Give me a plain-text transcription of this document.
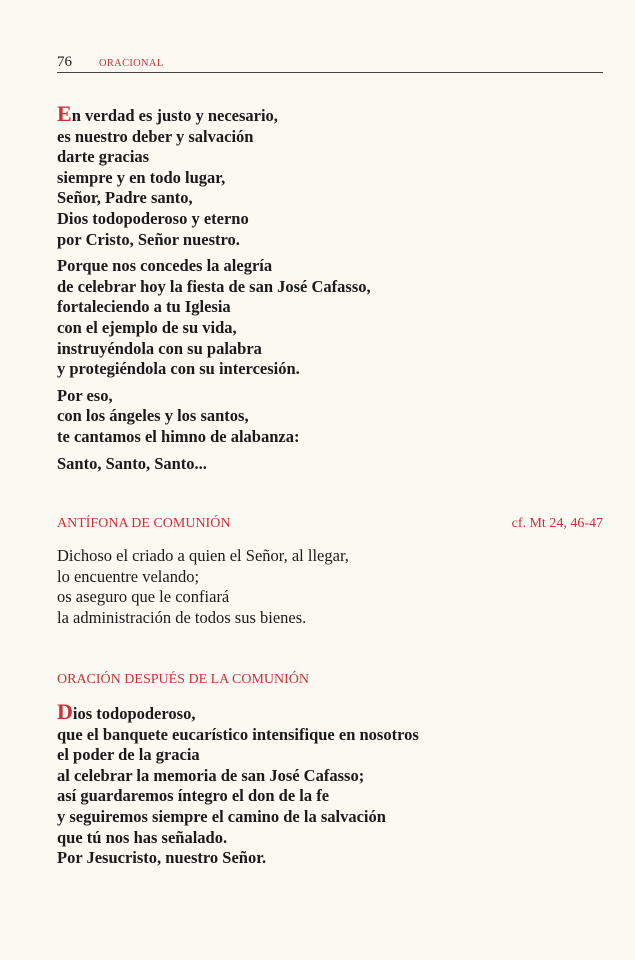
76	ORACIONAL

En verdad es justo y necesario,
es nuestro deber y salvación
darte gracias
siempre y en todo lugar,
Señor, Padre santo,
Dios todopoderoso y eterno
por Cristo, Señor nuestro.

Porque nos concedes la alegría
de celebrar hoy la fiesta de san José Cafasso,
fortaleciendo a tu Iglesia
con el ejemplo de su vida,
instruyéndola con su palabra
y protegiéndola con su intercesión.

Por eso,
con los ángeles y los santos,
te cantamos el himno de alabanza:

Santo, Santo, Santo...

ANTÍFONA DE COMUNIÓN	cf. Mt 24, 46-47
Dichoso el criado a quien el Señor, al llegar,
lo encuentre velando;
os aseguro que le confiará
la administración de todos sus bienes.
ORACIÓN DESPUÉS DE LA COMUNIÓN
Dios todopoderoso,
que el banquete eucarístico intensifique en nosotros
el poder de la gracia
al celebrar la memoria de san José Cafasso;
así guardaremos íntegro el don de la fe
y seguiremos siempre el camino de la salvación
que tú nos has señalado.
Por Jesucristo, nuestro Señor.
